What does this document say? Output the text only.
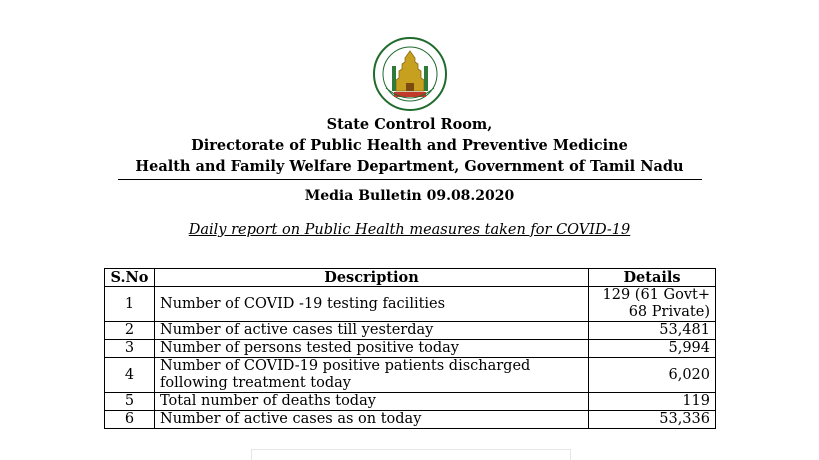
State Control Room,
Directorate of Public Health and Preventive Medicine
Health and Family Welfare Department, Government of Tamil Nadu
Media Bulletin 09.08.2020
Daily report on Public Health measures taken for COVID-19
S.No	Description	Details
1	Number of COVID -19 testing facilities	129 (61 Govt+ 68 Private)
2	Number of active cases till yesterday	53,481
3	Number of persons tested positive today	5,994
4	Number of COVID-19 positive patients discharged following treatment today	6,020
5	Total number of deaths today	119
6	Number of active cases as on today	53,336
